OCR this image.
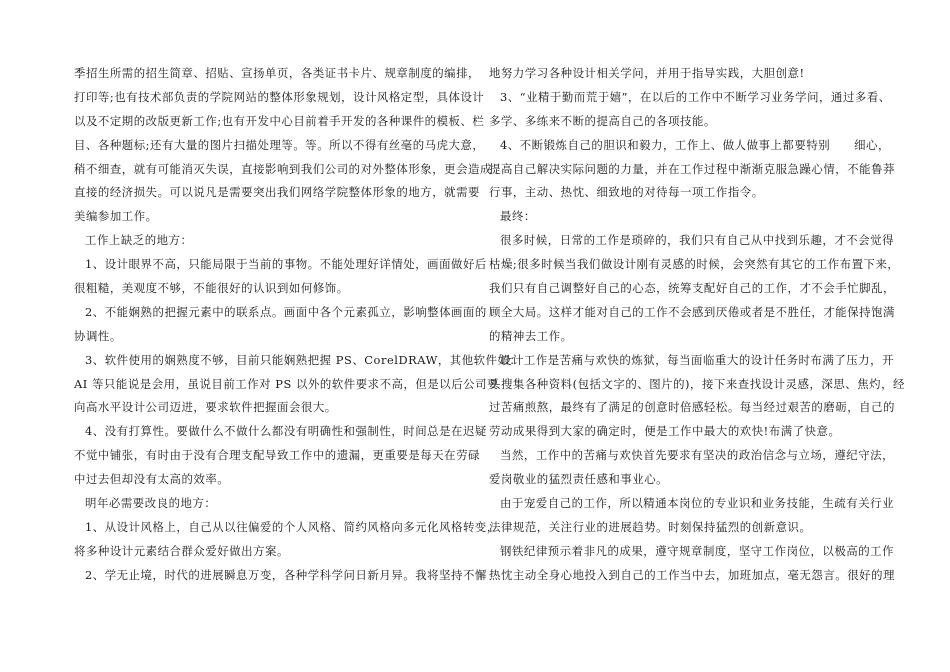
季招生所需的招生简章、招贴、宣扬单页，各类证书卡片、规章制度的编排，
打印等;也有技术部负责的学院网站的整体形象规划，设计风格定型，具体设计
以及不定期的改版更新工作;也有开发中心目前着手开发的各种课件的模板、栏
目、各种题标;还有大量的图片扫描处理等。等。所以不得有丝毫的马虎大意，
稍不细查，就有可能消灭失误，直接影响到我们公司的对外整体形象，更会造成
直接的经济损失。可以说凡是需要突出我们网络学院整体形象的地方，就需要
美编参加工作。
工作上缺乏的地方：
1、设计眼界不高，只能局限于当前的事物。不能处理好详情处，画面做好后
很粗糙，美观度不够，不能很好的认识到如何修饰。
2、不能娴熟的把握元素中的联系点。画面中各个元素孤立，影响整体画面的
协调性。
3、软件使用的娴熟度不够，目前只能娴熟把握 PS、CorelDRAW，其他软件如：
AI 等只能说是会用，虽说目前工作对 PS 以外的软件要求不高，但是以后公司要
向高水平设计公司迈进，要求软件把握面会很大。
4、没有打算性。要做什么不做什么都没有明确性和强制性，时间总是在迟疑
不觉中铺张，有时由于没有合理支配导致工作中的遗漏，更重要是每天在劳碌
中过去但却没有太高的效率。
明年必需要改良的地方：
1、从设计风格上，自己从以往偏爱的个人风格、简约风格向多元化风格转变，
将多种设计元素结合群众爱好做出方案。
2、学无止境，时代的进展瞬息万变，各种学科学问日新月异。我将坚持不懈
地努力学习各种设计相关学问，并用于指导实践，大胆创意!
3、“业精于勤而荒于嬉”，在以后的工作中不断学习业务学问，通过多看、
多学、多练来不断的提高自己的各项技能。
4、不断锻炼自己的胆识和毅力，工作上、做人做事上都要特别　　细心，
提高自己解决实际问题的力量，并在工作过程中渐渐克服急躁心情，不能鲁莽
行事，主动、热忱、细致地的对待每一项工作指令。
最终：
很多时候，日常的工作是琐碎的，我们只有自己从中找到乐趣，才不会觉得
枯燥;很多时候当我们做设计刚有灵感的时候，会突然有其它的工作布置下来，
我们只有自己调整好自己的心态，统筹支配好自己的工作，才不会手忙脚乱，
顾全大局。这样才能对自己的工作不会感到厌倦或者是不胜任，才能保持饱满
的精神去工作。
设计工作是苦痛与欢快的炼狱，每当面临重大的设计任务时布满了压力，开
头搜集各种资料(包括文字的、图片的)，接下来查找设计灵感，深思、焦灼，经
过苦痛煎熬，最终有了满足的创意时倍感轻松。每当经过艰苦的磨砺，自己的
劳动成果得到大家的确定时，便是工作中最大的欢快!布满了快意。
当然，工作中的苦痛与欢快首先要求有坚决的政治信念与立场，遵纪守法，
爱岗敬业的猛烈责任感和事业心。
由于宠爱自己的工作，所以精通本岗位的专业识和业务技能，生疏有关行业
法律规范，关注行业的进展趋势。时刻保持猛烈的创新意识。
钢铁纪律预示着非凡的成果，遵守规章制度，坚守工作岗位，以极高的工作
热忱主动全身心地投入到自己的工作当中去，加班加点，毫无怨言。很好的理
